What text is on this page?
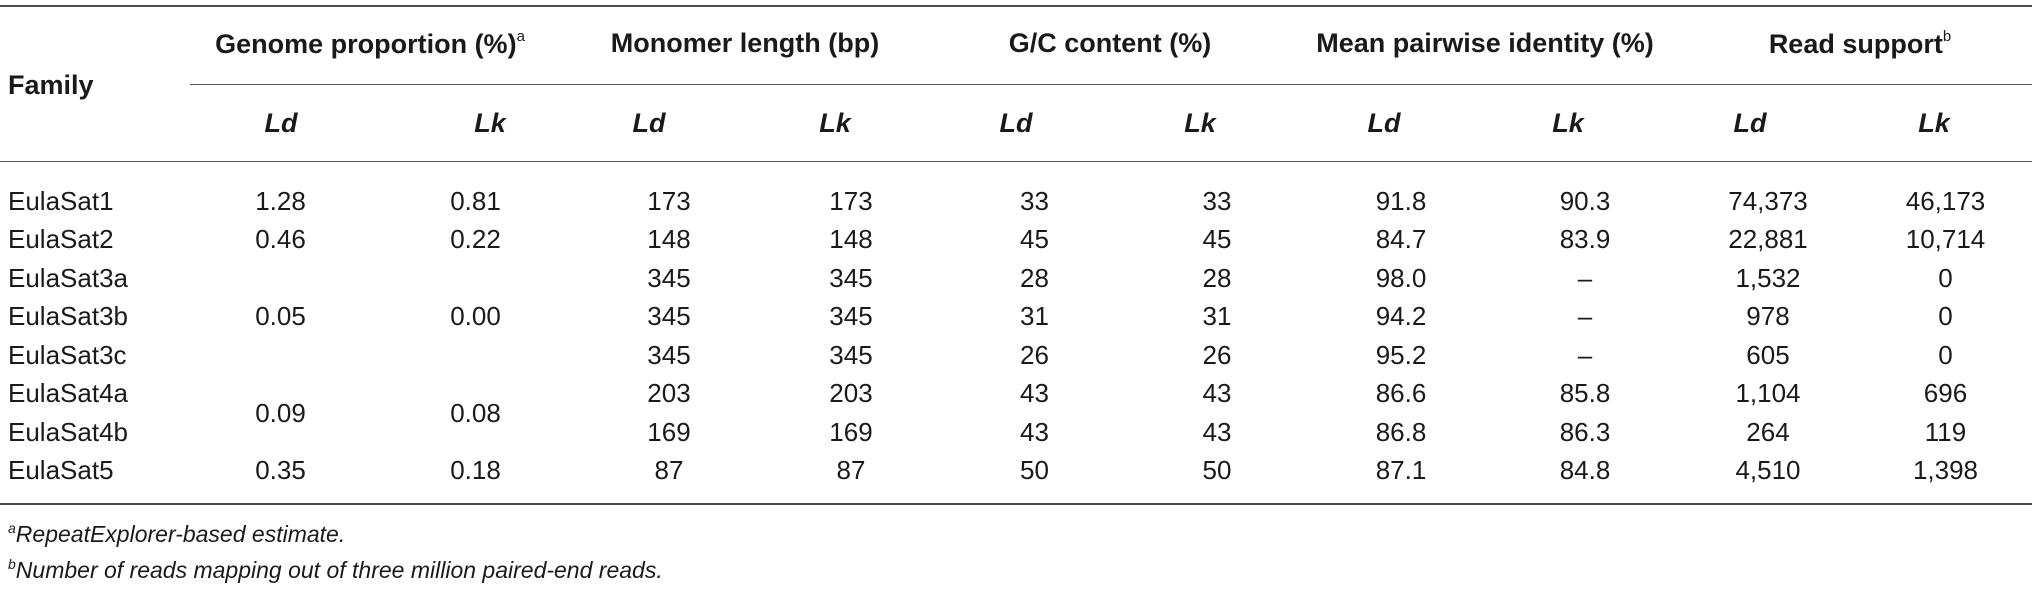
Family
Genome proportion (%)$^a$	Monomer length (bp)	G/C content (%)	Mean pairwise identity (%)	Read support$^b$
Ld	Lk	Ld	Lk	Ld	Lk	Ld	Lk	Ld	Lk
EulaSat1	1.28	0.81	173	173	33	33	91.8	90.3	74,373	46,173
EulaSat2	0.46	0.22	148	148	45	45	84.7	83.9	22,881	10,714
EulaSat3a	0.05	0.00	345	345	28	28	98.0	–	1,532	0
EulaSat3b			345	345	31	31	94.2	–	978	0
EulaSat3c			345	345	26	26	95.2	–	605	0
EulaSat4a	0.09	0.08	203	203	43	43	86.6	85.8	1,104	696
EulaSat4b			169	169	43	43	86.8	86.3	264	119
EulaSat5	0.35	0.18	87	87	50	50	87.1	84.8	4,510	1,398
$^a$RepeatExplorer-based estimate.
$^b$Number of reads mapping out of three million paired-end reads.
